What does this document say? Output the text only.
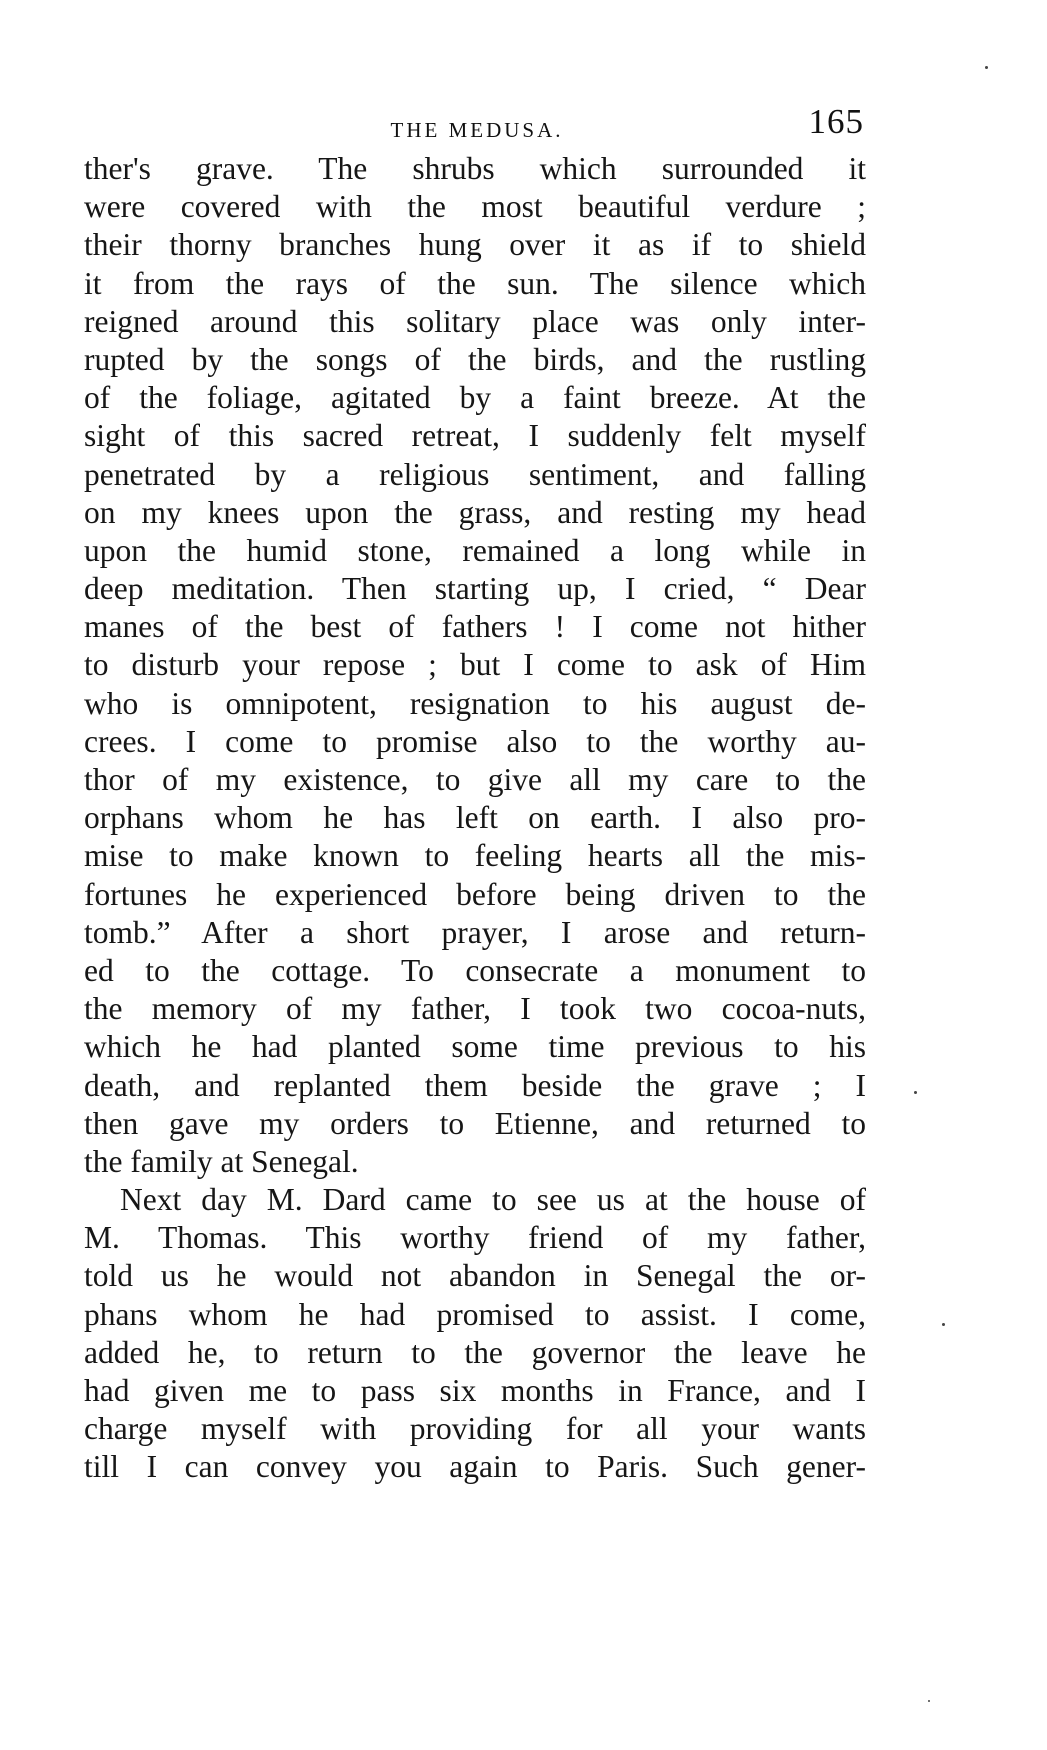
THE MEDUSA.	165
ther's grave. The shrubs which surrounded it
were covered with the most beautiful verdure ;
their thorny branches hung over it as if to shield
it from the rays of the sun. The silence which
reigned around this solitary place was only inter-
rupted by the songs of the birds, and the rustling
of the foliage, agitated by a faint breeze. At the
sight of this sacred retreat, I suddenly felt myself
penetrated by a religious sentiment, and falling
on my knees upon the grass, and resting my head
upon the humid stone, remained a long while in
deep meditation. Then starting up, I cried, “ Dear
manes of the best of fathers ! I come not hither
to disturb your repose ; but I come to ask of Him
who is omnipotent, resignation to his august de-
crees. I come to promise also to the worthy au-
thor of my existence, to give all my care to the
orphans whom he has left on earth. I also pro-
mise to make known to feeling hearts all the mis-
fortunes he experienced before being driven to the
tomb.” After a short prayer, I arose and return-
ed to the cottage. To consecrate a monument to
the memory of my father, I took two cocoa-nuts,
which he had planted some time previous to his
death, and replanted them beside the grave ; I
then gave my orders to Etienne, and returned to
the family at Senegal.
Next day M. Dard came to see us at the house of
M. Thomas. This worthy friend of my father,
told us he would not abandon in Senegal the or-
phans whom he had promised to assist. I come,
added he, to return to the governor the leave he
had given me to pass six months in France, and I
charge myself with providing for all your wants
till I can convey you again to Paris. Such gener-
